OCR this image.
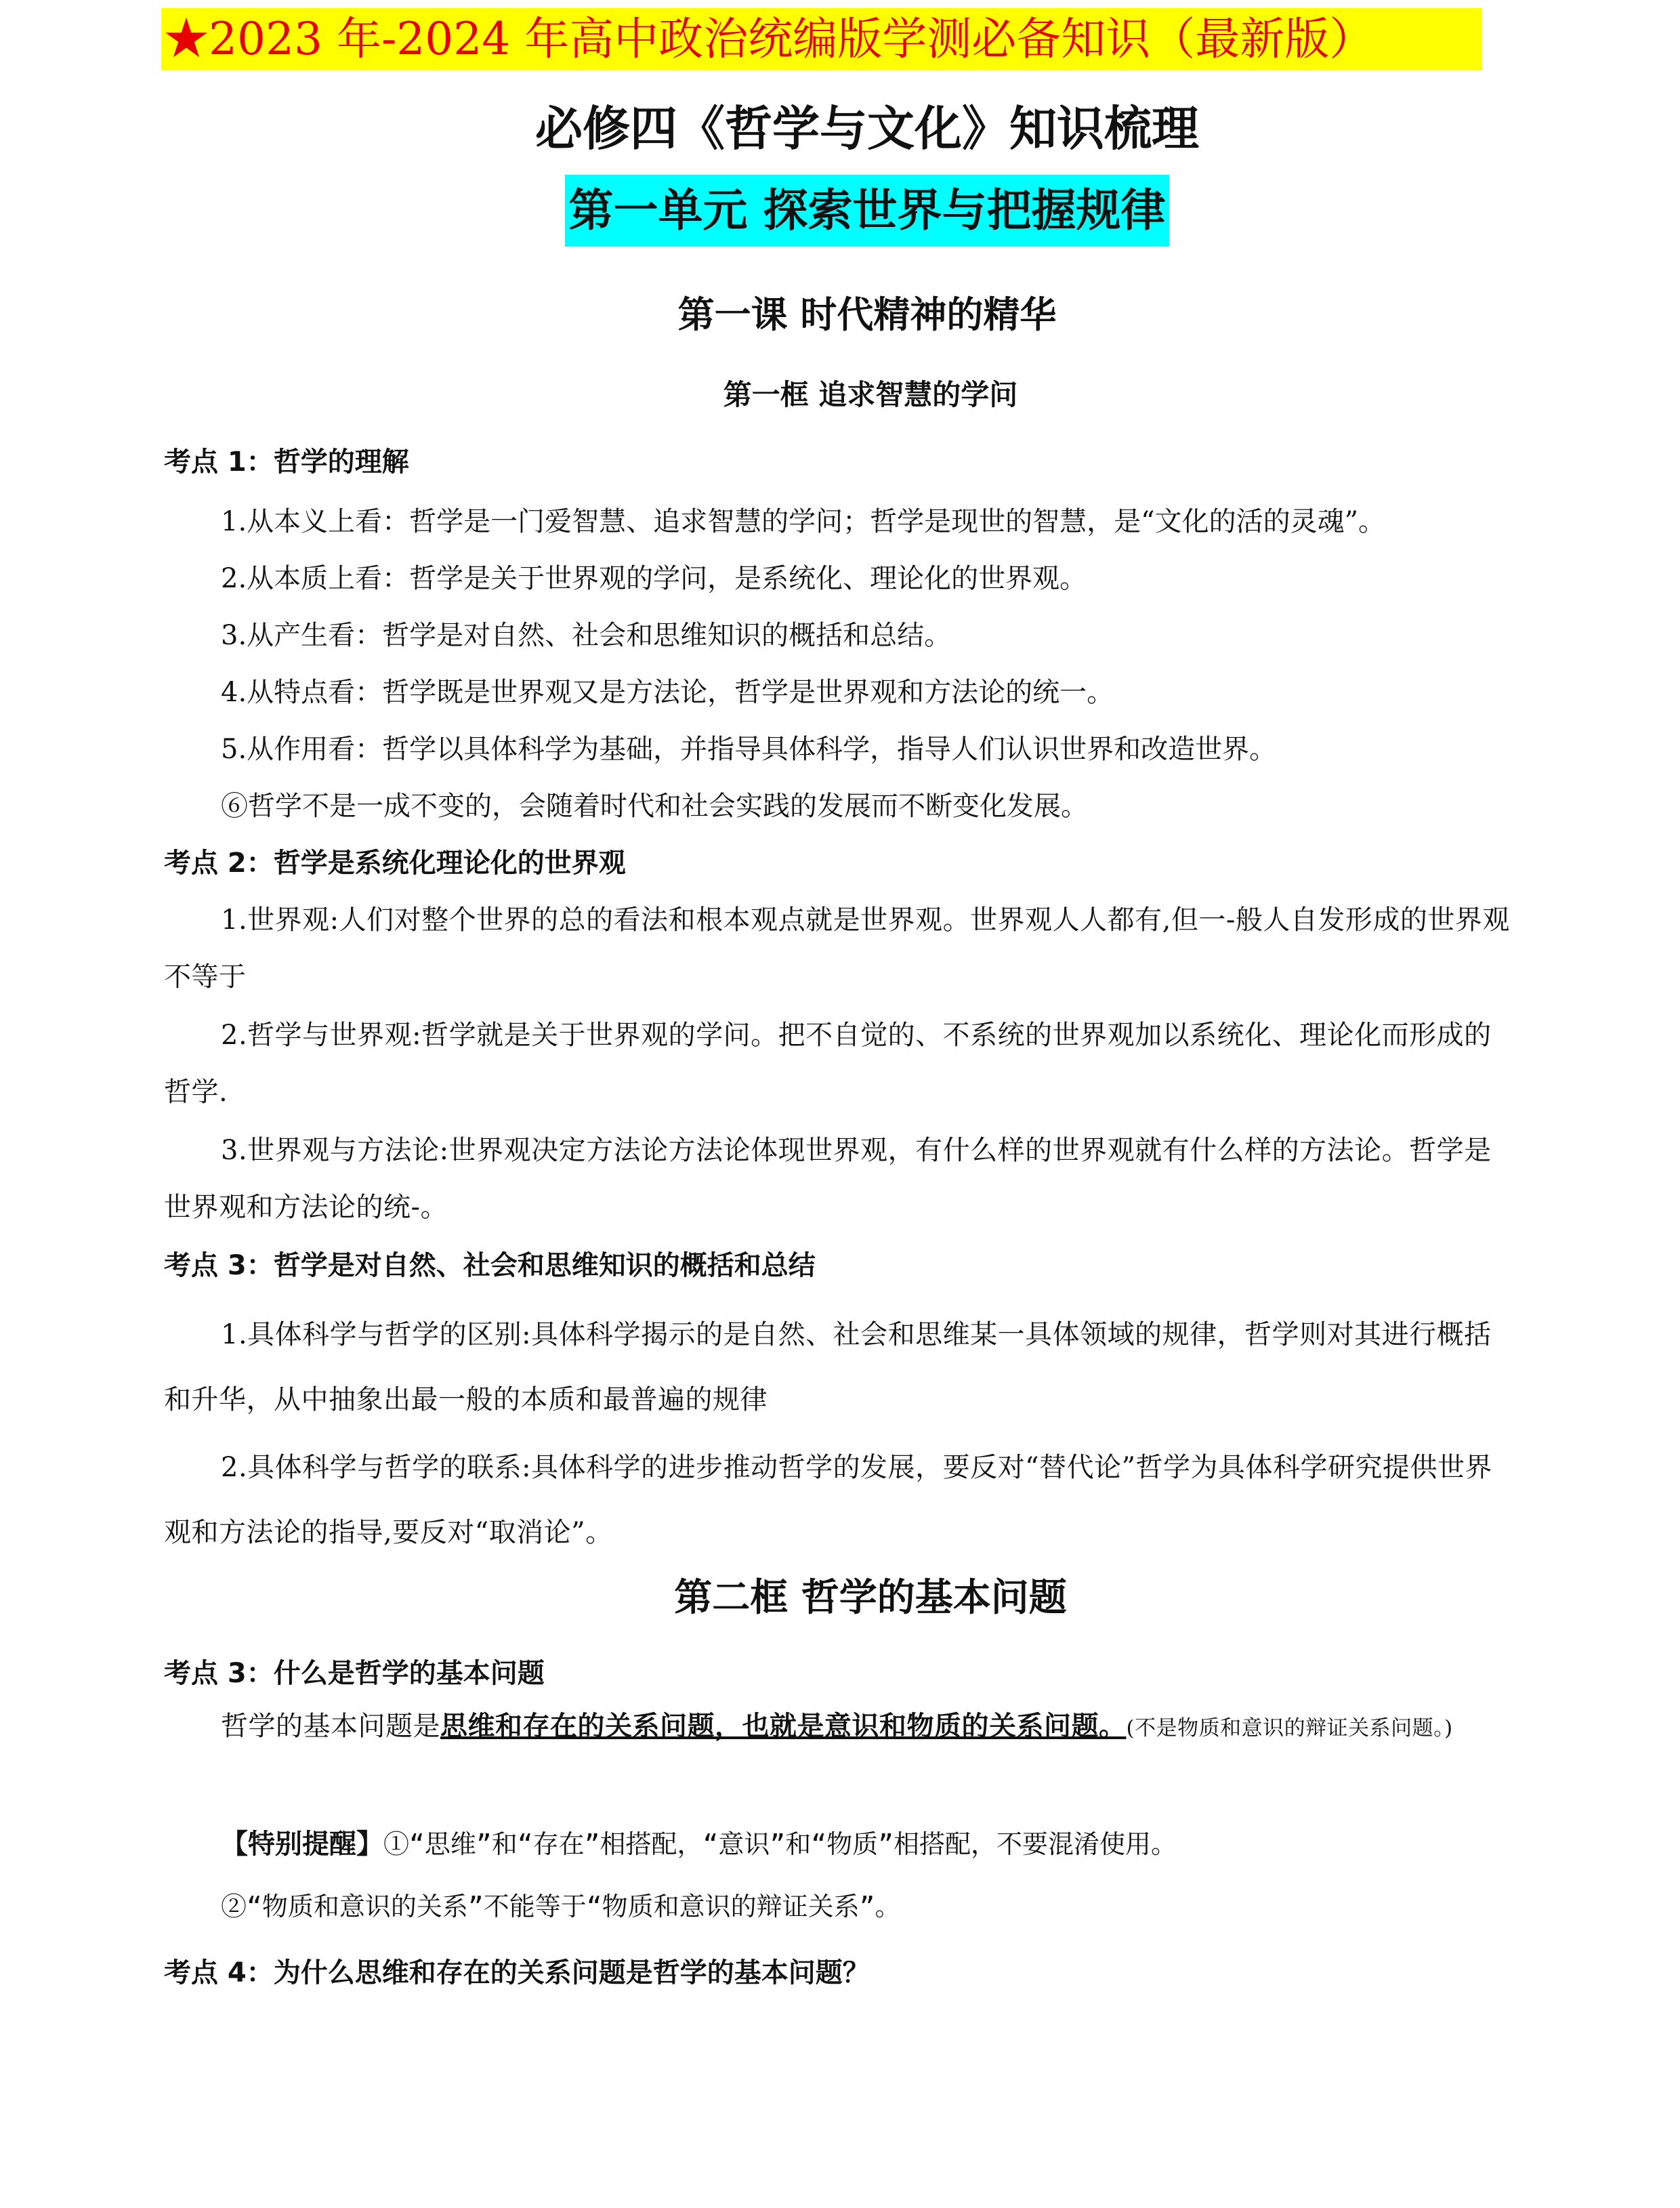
★2023 年-2024 年高中政治统编版学测必备知识（最新版）
必修四《哲学与文化》知识梳理
第一单元 探索世界与把握规律
第一课 时代精神的精华
第一框 追求智慧的学问
考点 1：哲学的理解
1.从本义上看：哲学是一门爱智慧、追求智慧的学问；哲学是现世的智慧，是“文化的活的灵魂”。
2.从本质上看：哲学是关于世界观的学问，是系统化、理论化的世界观。
3.从产生看：哲学是对自然、社会和思维知识的概括和总结。
4.从特点看：哲学既是世界观又是方法论，哲学是世界观和方法论的统一。
5.从作用看：哲学以具体科学为基础，并指导具体科学，指导人们认识世界和改造世界。
⑥哲学不是一成不变的，会随着时代和社会实践的发展而不断变化发展。
考点 2：哲学是系统化理论化的世界观
1.世界观:人们对整个世界的总的看法和根本观点就是世界观。世界观人人都有,但一-般人自发形成的世界观不等于
2.哲学与世界观:哲学就是关于世界观的学问。把不自觉的、不系统的世界观加以系统化、理论化而形成的哲学.
3.世界观与方法论:世界观决定方法论方法论体现世界观，有什么样的世界观就有什么样的方法论。哲学是世界观和方法论的统-。
考点 3：哲学是对自然、社会和思维知识的概括和总结
1.具体科学与哲学的区别:具体科学揭示的是自然、社会和思维某一具体领域的规律，哲学则对其进行概括和升华，从中抽象出最一般的本质和最普遍的规律
2.具体科学与哲学的联系:具体科学的进步推动哲学的发展，要反对“替代论”哲学为具体科学研究提供世界观和方法论的指导,要反对“取消论”。
第二框 哲学的基本问题
考点 3：什么是哲学的基本问题
哲学的基本问题是思维和存在的关系问题，也就是意识和物质的关系问题。(不是物质和意识的辩证关系问题。)
【特别提醒】①“思维”和“存在”相搭配，“意识”和“物质”相搭配，不要混淆使用。
②“物质和意识的关系”不能等于“物质和意识的辩证关系”。
考点 4：为什么思维和存在的关系问题是哲学的基本问题？
